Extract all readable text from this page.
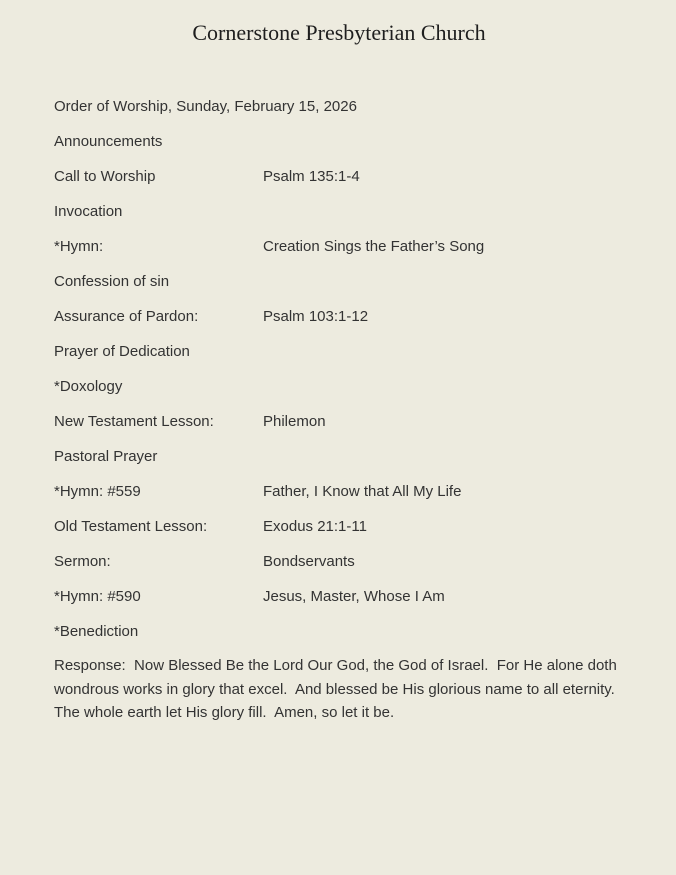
Cornerstone Presbyterian Church
Order of Worship, Sunday, February 15, 2026
Announcements
Call to Worship	Psalm 135:1-4
Invocation
*Hymn:	Creation Sings the Father’s Song
Confession of sin
Assurance of Pardon:	Psalm 103:1-12
Prayer of Dedication
*Doxology
New Testament Lesson:	Philemon
Pastoral Prayer
*Hymn: #559	Father, I Know that All My Life
Old Testament Lesson:	Exodus 21:1-11
Sermon:	Bondservants
*Hymn: #590	Jesus, Master, Whose I Am
*Benediction
Response:  Now Blessed Be the Lord Our God, the God of Israel.  For He alone doth wondrous works in glory that excel.  And blessed be His glorious name to all eternity.  The whole earth let His glory fill.  Amen, so let it be.
